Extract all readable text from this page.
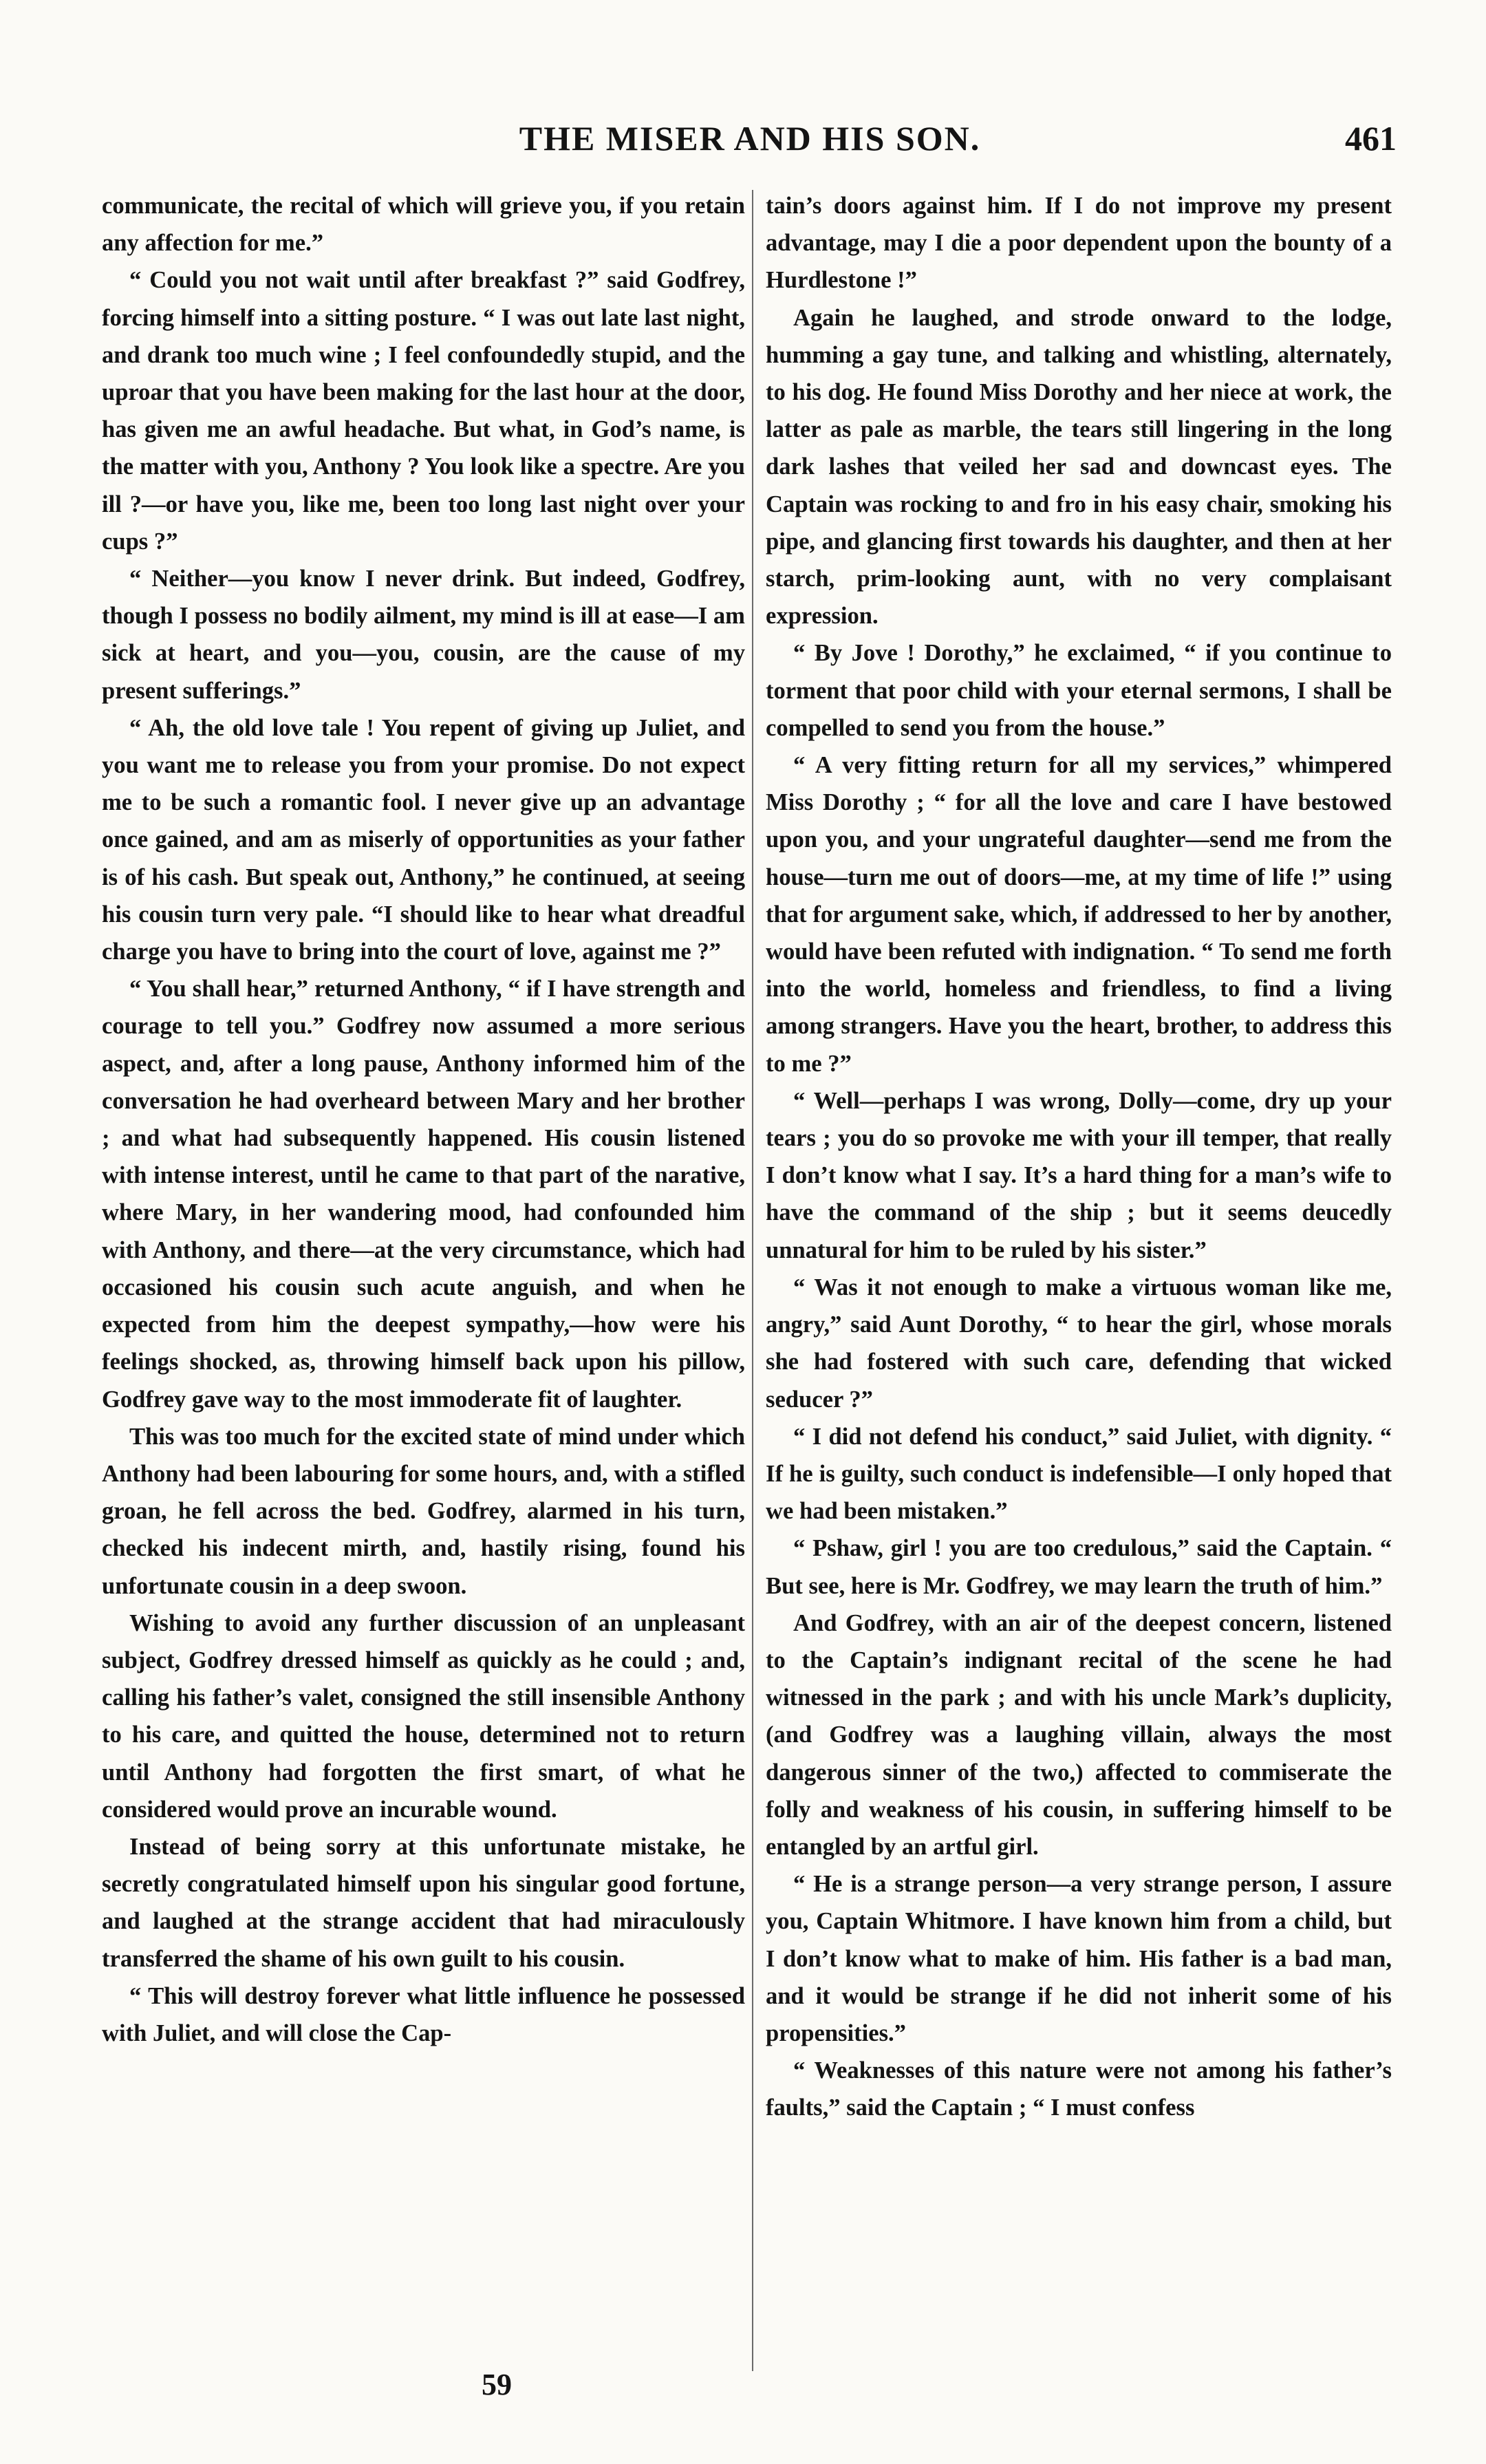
THE MISER AND HIS SON.	461

communicate, the recital of which will grieve you, if you retain any affection for me.”

“ Could you not wait until after breakfast ?” said Godfrey, forcing himself into a sitting posture. “ I was out late last night, and drank too much wine ; I feel confoundedly stupid, and the uproar that you have been making for the last hour at the door, has given me an awful headache. But what, in God’s name, is the matter with you, Anthony ? You look like a spectre. Are you ill ?—or have you, like me, been too long last night over your cups ?”

“ Neither—you know I never drink. But indeed, Godfrey, though I possess no bodily ailment, my mind is ill at ease—I am sick at heart, and you—you, cousin, are the cause of my present sufferings.”

“ Ah, the old love tale ! You repent of giving up Juliet, and you want me to release you from your promise. Do not expect me to be such a romantic fool. I never give up an advantage once gained, and am as miserly of opportunities as your father is of his cash. But speak out, Anthony,” he continued, at seeing his cousin turn very pale. “I should like to hear what dreadful charge you have to bring into the court of love, against me ?”

“ You shall hear,” returned Anthony, “ if I have strength and courage to tell you.” Godfrey now assumed a more serious aspect, and, after a long pause, Anthony informed him of the conversation he had overheard between Mary and her brother ; and what had subsequently happened. His cousin listened with intense interest, until he came to that part of the narative, where Mary, in her wandering mood, had confounded him with Anthony, and there—at the very circumstance, which had occasioned his cousin such acute anguish, and when he expected from him the deepest sympathy,—how were his feelings shocked, as, throwing himself back upon his pillow, Godfrey gave way to the most immoderate fit of laughter.

This was too much for the excited state of mind under which Anthony had been labouring for some hours, and, with a stifled groan, he fell across the bed. Godfrey, alarmed in his turn, checked his indecent mirth, and, hastily rising, found his unfortunate cousin in a deep swoon.

Wishing to avoid any further discussion of an unpleasant subject, Godfrey dressed himself as quickly as he could ; and, calling his father’s valet, consigned the still insensible Anthony to his care, and quitted the house, determined not to return until Anthony had forgotten the first smart, of what he considered would prove an incurable wound.

Instead of being sorry at this unfortunate mistake, he secretly congratulated himself upon his singular good fortune, and laughed at the strange accident that had miraculously transferred the shame of his own guilt to his cousin.

“ This will destroy forever what little influence he possessed with Juliet, and will close the Cap-

tain’s doors against him. If I do not improve my present advantage, may I die a poor dependent upon the bounty of a Hurdlestone !”

Again he laughed, and strode onward to the lodge, humming a gay tune, and talking and whistling, alternately, to his dog. He found Miss Dorothy and her niece at work, the latter as pale as marble, the tears still lingering in the long dark lashes that veiled her sad and downcast eyes. The Captain was rocking to and fro in his easy chair, smoking his pipe, and glancing first towards his daughter, and then at her starch, prim-looking aunt, with no very complaisant expression.

“ By Jove ! Dorothy,” he exclaimed, “ if you continue to torment that poor child with your eternal sermons, I shall be compelled to send you from the house.”

“ A very fitting return for all my services,” whimpered Miss Dorothy ; “ for all the love and care I have bestowed upon you, and your ungrateful daughter—send me from the house—turn me out of doors—me, at my time of life !” using that for argument sake, which, if addressed to her by another, would have been refuted with indignation. “ To send me forth into the world, homeless and friendless, to find a living among strangers. Have you the heart, brother, to address this to me ?”

“ Well—perhaps I was wrong, Dolly—come, dry up your tears ; you do so provoke me with your ill temper, that really I don’t know what I say. It’s a hard thing for a man’s wife to have the command of the ship ; but it seems deucedly unnatural for him to be ruled by his sister.”

“ Was it not enough to make a virtuous woman like me, angry,” said Aunt Dorothy, “ to hear the girl, whose morals she had fostered with such care, defending that wicked seducer ?”

“ I did not defend his conduct,” said Juliet, with dignity. “ If he is guilty, such conduct is indefensible—I only hoped that we had been mistaken.”

“ Pshaw, girl ! you are too credulous,” said the Captain. “ But see, here is Mr. Godfrey, we may learn the truth of him.”

And Godfrey, with an air of the deepest concern, listened to the Captain’s indignant recital of the scene he had witnessed in the park ; and with his uncle Mark’s duplicity, (and Godfrey was a laughing villain, always the most dangerous sinner of the two,) affected to commiserate the folly and weakness of his cousin, in suffering himself to be entangled by an artful girl.

“ He is a strange person—a very strange person, I assure you, Captain Whitmore. I have known him from a child, but I don’t know what to make of him. His father is a bad man, and it would be strange if he did not inherit some of his propensities.”

“ Weaknesses of this nature were not among his father’s faults,” said the Captain ; “ I must confess

59
